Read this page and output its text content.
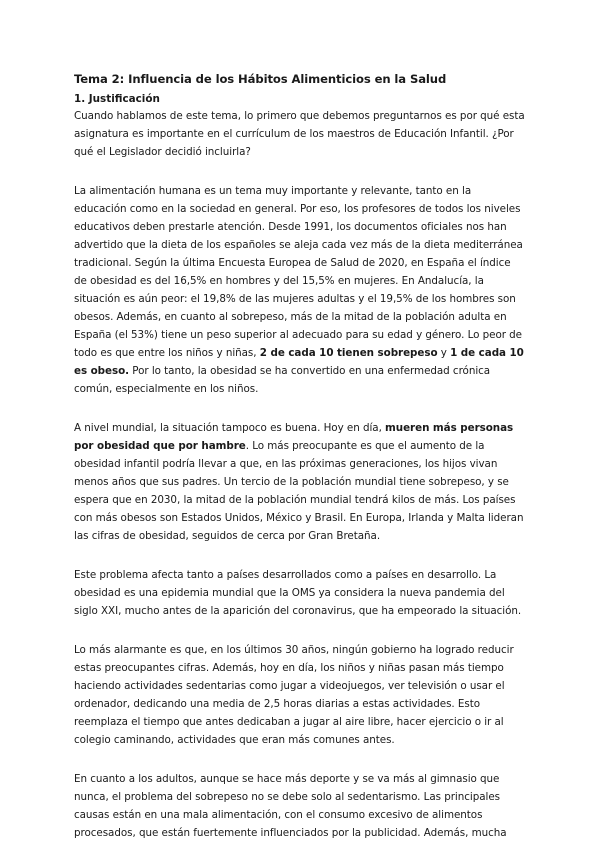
Tema 2: Influencia de los Hábitos Alimenticios en la Salud
1. Justificación

Cuando hablamos de este tema, lo primero que debemos preguntarnos es por qué esta asignatura es importante en el currículum de los maestros de Educación Infantil. ¿Por qué el Legislador decidió incluirla?

La alimentación humana es un tema muy importante y relevante, tanto en la educación como en la sociedad en general. Por eso, los profesores de todos los niveles educativos deben prestarle atención. Desde 1991, los documentos oficiales nos han advertido que la dieta de los españoles se aleja cada vez más de la dieta mediterránea tradicional. Según la última Encuesta Europea de Salud de 2020, en España el índice de obesidad es del 16,5% en hombres y del 15,5% en mujeres. En Andalucía, la situación es aún peor: el 19,8% de las mujeres adultas y el 19,5% de los hombres son obesos. Además, en cuanto al sobrepeso, más de la mitad de la población adulta en España (el 53%) tiene un peso superior al adecuado para su edad y género. Lo peor de todo es que entre los niños y niñas, 2 de cada 10 tienen sobrepeso y 1 de cada 10 es obeso. Por lo tanto, la obesidad se ha convertido en una enfermedad crónica común, especialmente en los niños.

A nivel mundial, la situación tampoco es buena. Hoy en día, mueren más personas por obesidad que por hambre. Lo más preocupante es que el aumento de la obesidad infantil podría llevar a que, en las próximas generaciones, los hijos vivan menos años que sus padres. Un tercio de la población mundial tiene sobrepeso, y se espera que en 2030, la mitad de la población mundial tendrá kilos de más. Los países con más obesos son Estados Unidos, México y Brasil. En Europa, Irlanda y Malta lideran las cifras de obesidad, seguidos de cerca por Gran Bretaña.

Este problema afecta tanto a países desarrollados como a países en desarrollo. La obesidad es una epidemia mundial que la OMS ya considera la nueva pandemia del siglo XXI, mucho antes de la aparición del coronavirus, que ha empeorado la situación.

Lo más alarmante es que, en los últimos 30 años, ningún gobierno ha logrado reducir estas preocupantes cifras. Además, hoy en día, los niños y niñas pasan más tiempo haciendo actividades sedentarias como jugar a videojuegos, ver televisión o usar el ordenador, dedicando una media de 2,5 horas diarias a estas actividades. Esto reemplaza el tiempo que antes dedicaban a jugar al aire libre, hacer ejercicio o ir al colegio caminando, actividades que eran más comunes antes.

En cuanto a los adultos, aunque se hace más deporte y se va más al gimnasio que nunca, el problema del sobrepeso no se debe solo al sedentarismo. Las principales causas están en una mala alimentación, con el consumo excesivo de alimentos procesados, que están fuertemente influenciados por la publicidad. Además, mucha
